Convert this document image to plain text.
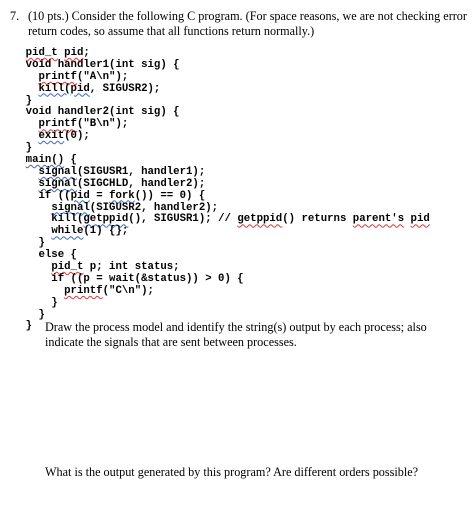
7. (10 pts.) Consider the following C program. (For space reasons, we are not checking error return codes, so assume that all functions return normally.)
pid_t pid;
void handler1(int sig) {
printf("A\n");
kill(pid, SIGUSR2);
}
void handler2(int sig) {
printf("B\n");
exit(0);
}
main() {
signal(SIGUSR1, handler1);
signal(SIGCHLD, handler2);
if ((pid = fork()) == 0) {
signal(SIGUSR2, handler2);
kill(getppid(), SIGUSR1); // getppid() returns parent's pid
while(1) {};
}
else {
pid_t p; int status;
if ((p = wait(&status)) > 0) {
printf("C\n");
}
}
}	Draw the process model and identify the string(s) output by each process; also indicate the signals that are sent between processes.
What is the output generated by this program? Are different orders possible?
